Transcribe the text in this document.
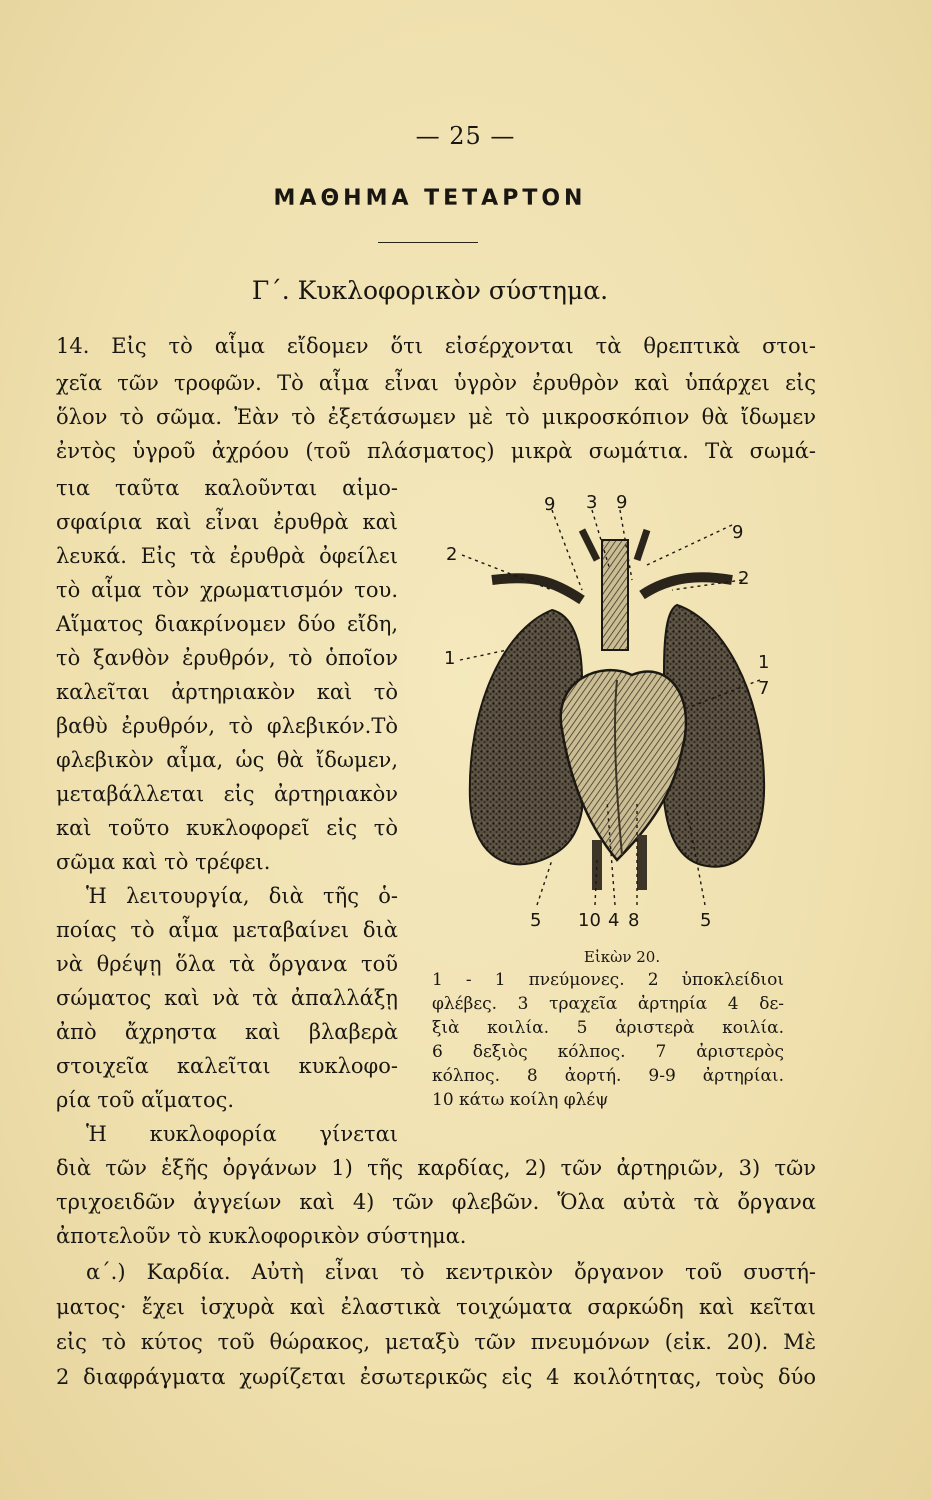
— 25 —
ΜΑΘΗΜΑ ΤΕΤΑΡΤΟΝ
Γ΄. Κυκλοφορικὸν σύστημα.
14. Εἰς τὸ αἷμα εἴδομεν ὅτι εἰσέρχονται τὰ θρεπτικὰ στοι-
χεῖα τῶν τροφῶν. Τὸ αἷμα εἶναι ὑγρὸν ἐρυθρὸν καὶ ὑπάρχει εἰς
ὅλον τὸ σῶμα. Ἐὰν τὸ ἐξετάσωμεν μὲ τὸ μικροσκόπιον θὰ ἴδωμεν
ἐντὸς ὑγροῦ ἀχρόου (τοῦ πλάσματος) μικρὰ σωμάτια. Τὰ σωμά-
τια ταῦτα καλοῦνται αἱμο-
σφαίρια καὶ εἶναι ἐρυθρὰ καὶ
λευκά. Εἰς τὰ ἐρυθρὰ ὀφείλει
τὸ αἷμα τὸν χρωματισμόν του.
Αἵματος διακρίνομεν δύο εἴδη,
τὸ ξανθὸν ἐρυθρόν, τὸ ὁποῖον
καλεῖται ἀρτηριακὸν καὶ τὸ
βαθὺ ἐρυθρόν, τὸ φλεβικόν.Τὸ
φλεβικὸν αἷμα, ὡς θὰ ἴδωμεν,
μεταβάλλεται εἰς ἀρτηριακὸν
καὶ τοῦτο κυκλοφορεῖ εἰς τὸ
σῶμα καὶ τὸ τρέφει.
Ἡ λειτουργία, διὰ τῆς ὁ-
ποίας τὸ αἷμα μεταβαίνει διὰ
νὰ θρέψῃ ὅλα τὰ ὄργανα τοῦ
σώματος καὶ νὰ τὰ ἀπαλλάξῃ
ἀπὸ ἄχρηστα καὶ βλαβερὰ
στοιχεῖα καλεῖται κυκλοφο-
ρία τοῦ αἵματος.
Ἡ κυκλοφορία γίνεται
διὰ τῶν ἑξῆς ὀργάνων 1) τῆς καρδίας, 2) τῶν ἀρτηριῶν, 3) τῶν
τριχοειδῶν ἀγγείων καὶ 4) τῶν φλεβῶν. Ὅλα αὐτὰ τὰ ὄργανα
ἀποτελοῦν τὸ κυκλοφορικὸν σύστημα.
α΄.) Καρδία. Αὐτὴ εἶναι τὸ κεντρικὸν ὄργανον τοῦ συστή-
ματος· ἔχει ἰσχυρὰ καὶ ἐλαστικὰ τοιχώματα σαρκώδη καὶ κεῖται
εἰς τὸ κύτος τοῦ θώρακος, μεταξὺ τῶν πνευμόνων (εἰκ. 20). Μὲ
2 διαφράγματα χωρίζεται ἐσωτερικῶς εἰς 4 κοιλότητας, τοὺς δύο
9 3 9
9
2
2
1	1
7
5 10 4 8	5
Εἰκὼν 20.
1 - 1 πνεύμονες. 2 ὑποκλείδιοι
φλέβες. 3 τραχεῖα ἀρτηρία 4 δε-
ξιὰ κοιλία. 5 ἀριστερὰ κοιλία.
6 δεξιὸς κόλπος. 7 ἀριστερὸς
κόλπος. 8 ἀορτή. 9-9 ἀρτηρίαι.
10 κάτω κοίλη φλέψ
